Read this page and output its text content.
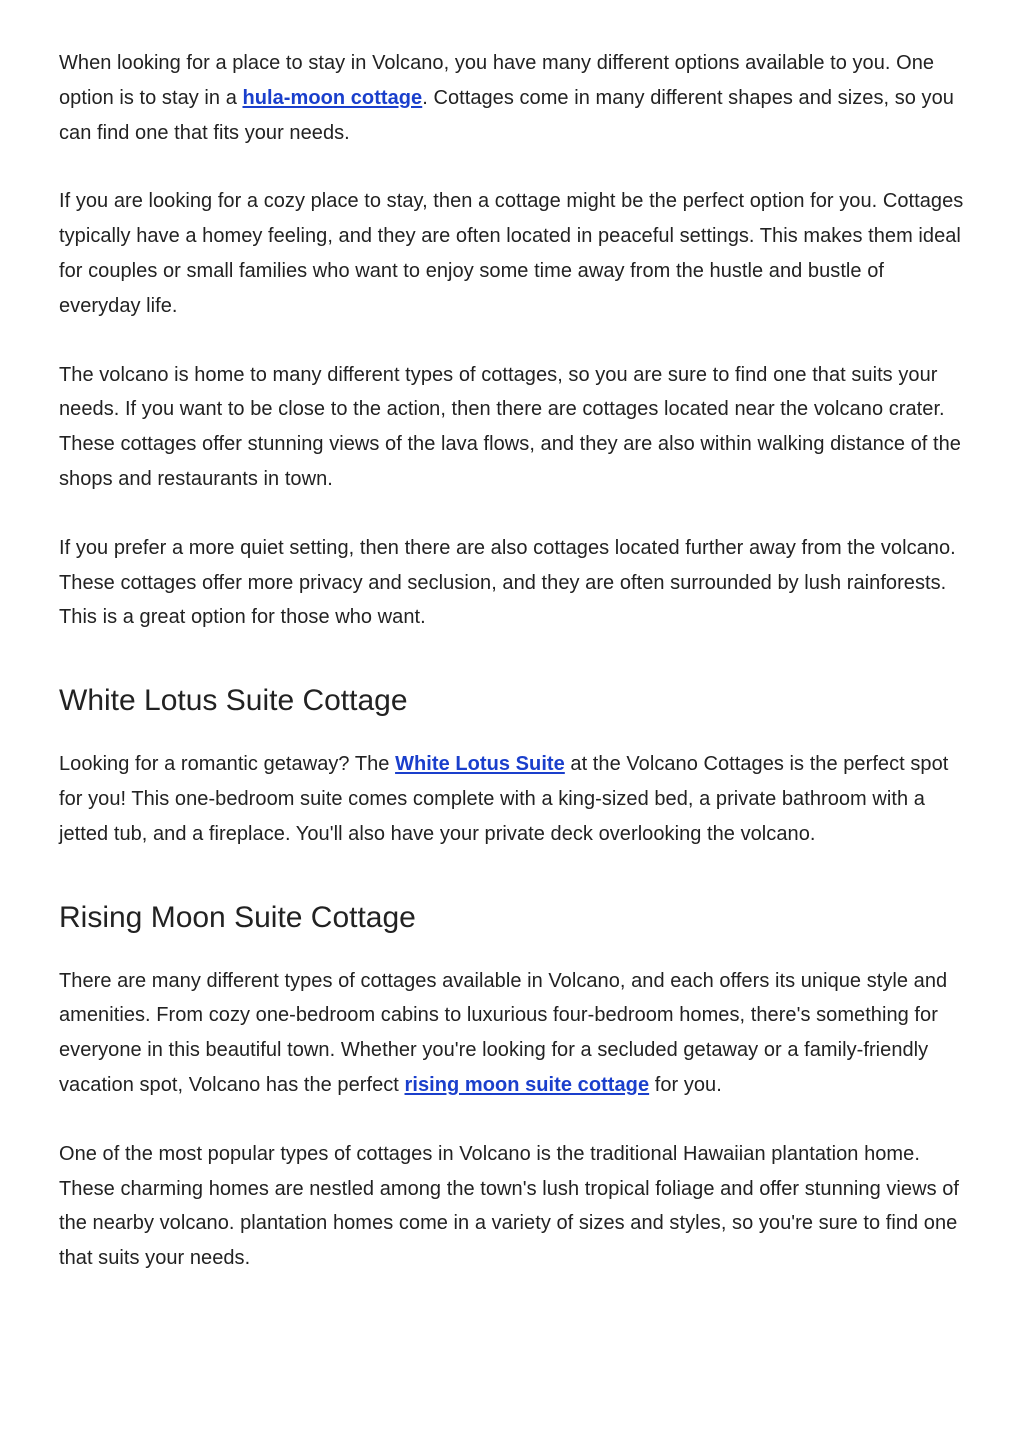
When looking for a place to stay in Volcano, you have many different options available to you. One option is to stay in a hula-moon cottage. Cottages come in many different shapes and sizes, so you can find one that fits your needs.

If you are looking for a cozy place to stay, then a cottage might be the perfect option for you. Cottages typically have a homey feeling, and they are often located in peaceful settings. This makes them ideal for couples or small families who want to enjoy some time away from the hustle and bustle of everyday life.

The volcano is home to many different types of cottages, so you are sure to find one that suits your needs. If you want to be close to the action, then there are cottages located near the volcano crater. These cottages offer stunning views of the lava flows, and they are also within walking distance of the shops and restaurants in town.

If you prefer a more quiet setting, then there are also cottages located further away from the volcano. These cottages offer more privacy and seclusion, and they are often surrounded by lush rainforests. This is a great option for those who want.

White Lotus Suite Cottage

Looking for a romantic getaway? The White Lotus Suite at the Volcano Cottages is the perfect spot for you! This one-bedroom suite comes complete with a king-sized bed, a private bathroom with a jetted tub, and a fireplace. You'll also have your private deck overlooking the volcano.

Rising Moon Suite Cottage

There are many different types of cottages available in Volcano, and each offers its unique style and amenities. From cozy one-bedroom cabins to luxurious four-bedroom homes, there's something for everyone in this beautiful town. Whether you're looking for a secluded getaway or a family-friendly vacation spot, Volcano has the perfect rising moon suite cottage for you.

One of the most popular types of cottages in Volcano is the traditional Hawaiian plantation home. These charming homes are nestled among the town's lush tropical foliage and offer stunning views of the nearby volcano. plantation homes come in a variety of sizes and styles, so you're sure to find one that suits your needs.
